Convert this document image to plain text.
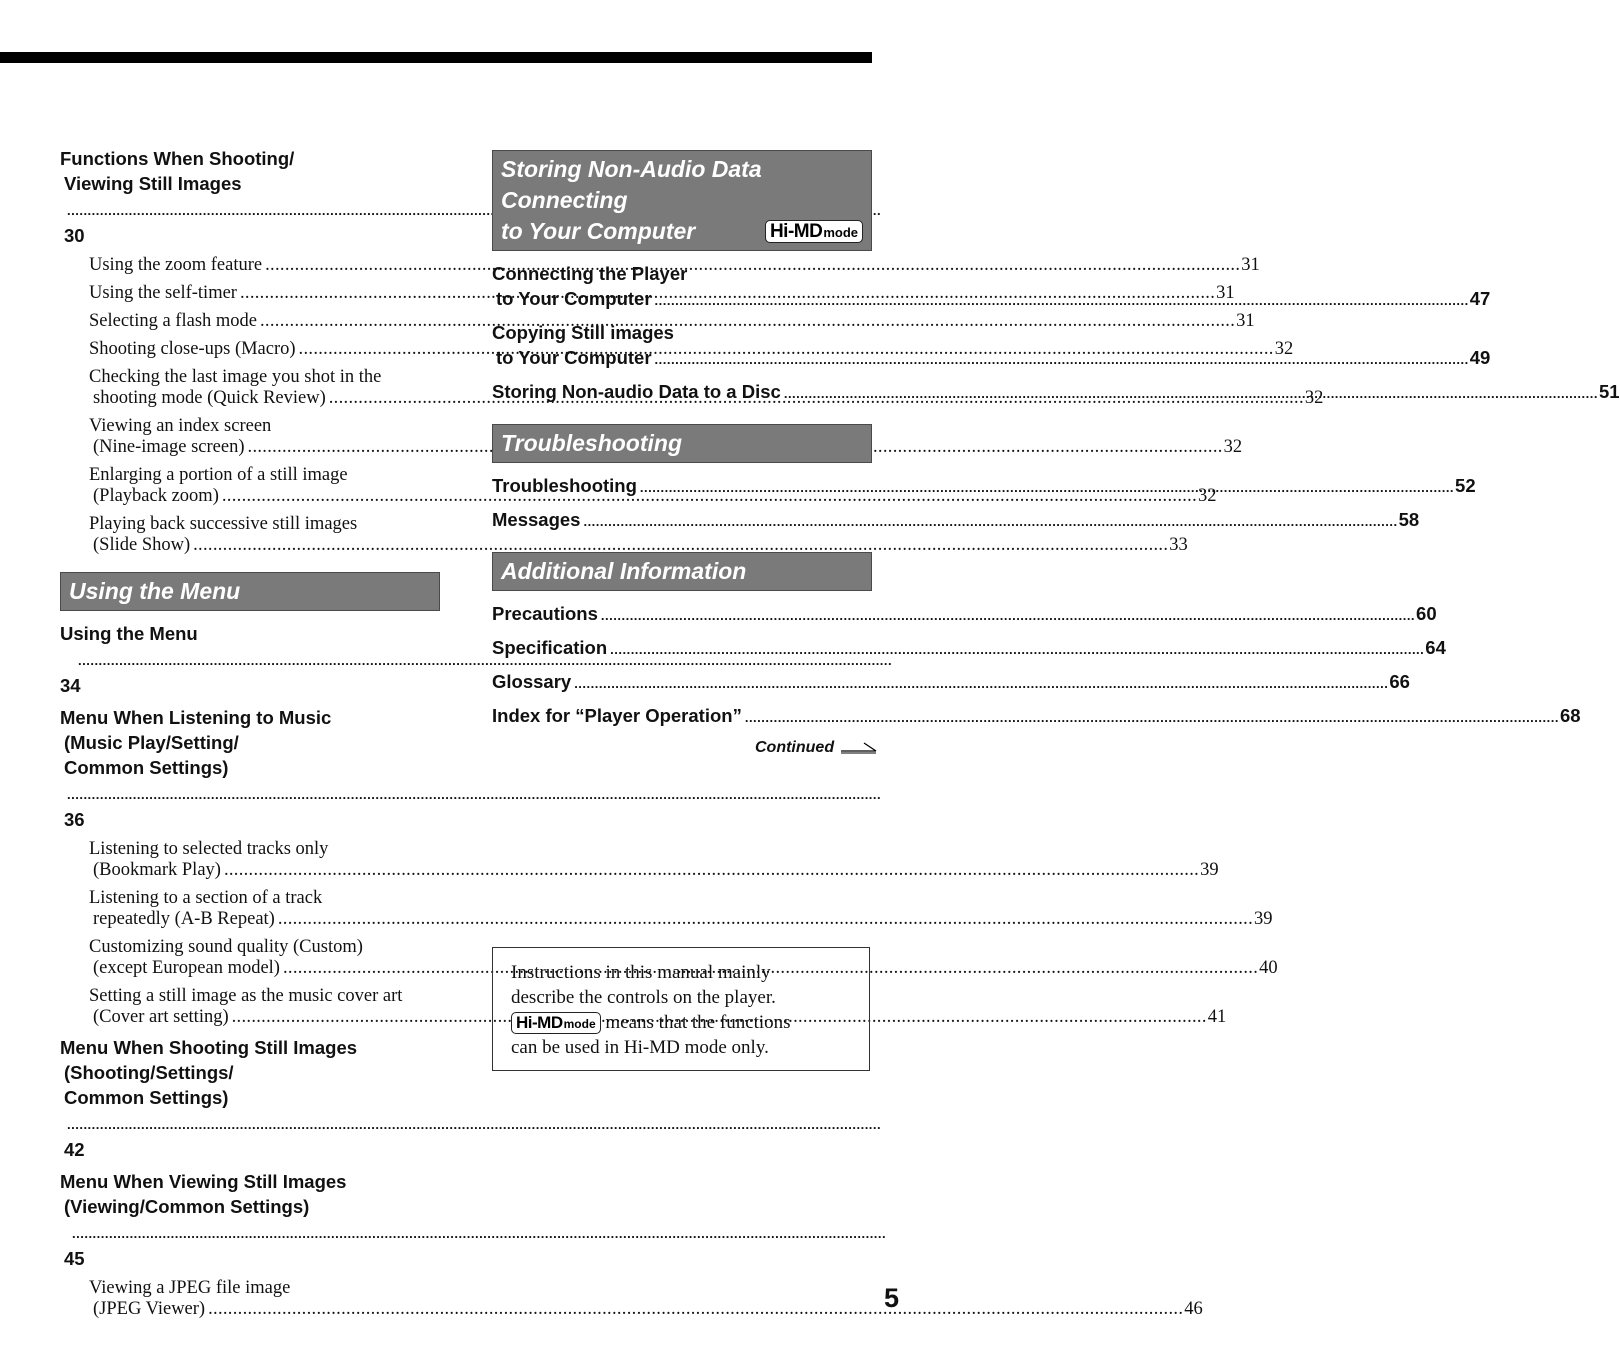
Functions When Shooting/
Viewing Still Images ..... 30
Using the zoom feature .....	31
Using the self-timer .....	31
Selecting a flash mode .....	31
Shooting close-ups (Macro) .....	32
Checking the last image you shot in the
shooting mode (Quick Review) .....	32
Viewing an index screen
(Nine-image screen) .....	32
Enlarging a portion of a still image
(Playback zoom) .....	32
Playing back successive still images
(Slide Show) .....	33
Using the Menu
Using the Menu ..... 34
Menu When Listening to Music
(Music Play/Setting/
Common Settings) ..... 36
Listening to selected tracks only
(Bookmark Play) .....	39
Listening to a section of a track
repeatedly (A-B Repeat) .....	39
Customizing sound quality (Custom)
(except European model) .....	40
Setting a still image as the music cover art
(Cover art setting) .....	41
Menu When Shooting Still Images
(Shooting/Settings/
Common Settings) ..... 42
Menu When Viewing Still Images
(Viewing/Common Settings) ..... 45
Viewing a JPEG file image
(JPEG Viewer) .....	46
Storing Non-Audio Data Connecting
to Your Computer	Hi-MD mode
Connecting the Player
to Your Computer .....	47
Copying Still images
to Your Computer .....	49
Storing Non-audio Data to a Disc .....	51
Troubleshooting
Troubleshooting .....	52
Messages .....	58
Additional Information
Precautions .....	60
Specification .....	64
Glossary .....	66
Index for “Player Operation” .....	68
Continued

Instructions in this manual mainly

describe the controls on the player.

Hi-MD mode means that the functions

can be used in Hi-MD mode only.

5
